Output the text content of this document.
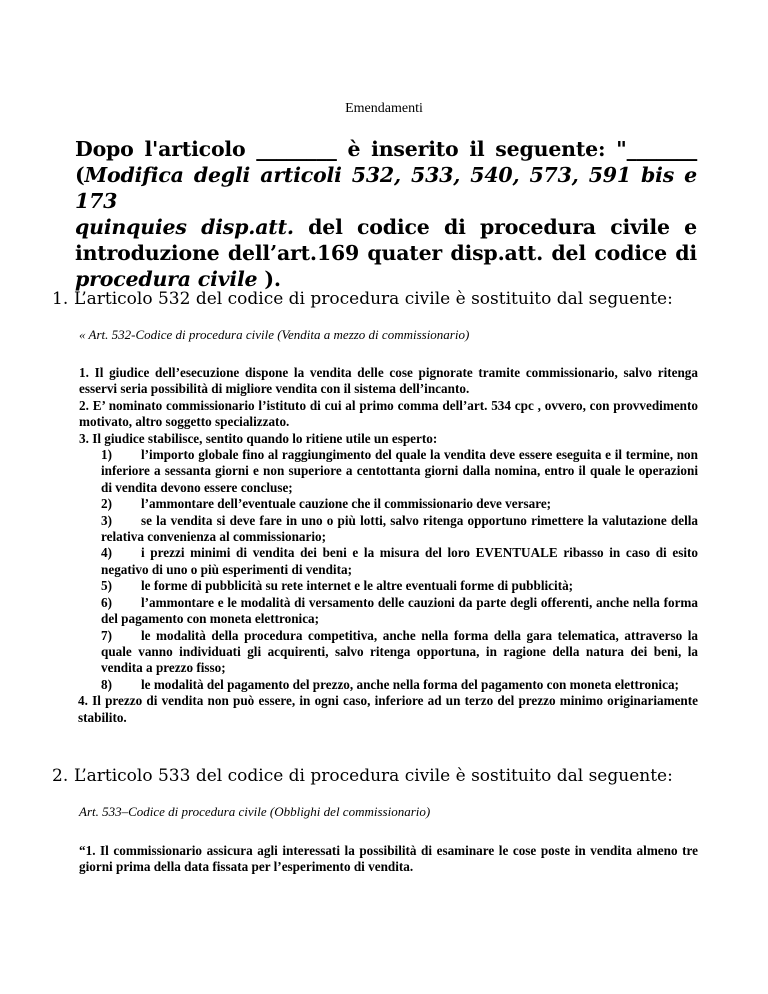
Emendamenti
Dopo l'articolo ________ è inserito il seguente: "_______
(Modifica degli articoli 532, 533, 540, 573, 591 bis e 173
quinquies disp.att. del codice di procedura civile e
introduzione dell’art.169 quater disp.att. del codice di
procedura civile ).
1. L’articolo 532 del codice di procedura civile è sostituito dal seguente:
« Art. 532-Codice di procedura civile (Vendita a mezzo di commissionario)

1. Il giudice dell’esecuzione dispone la vendita delle cose pignorate tramite commissionario, salvo ritenga esservi seria possibilità di migliore vendita con il sistema dell’incanto.

2. E’ nominato commissionario l’istituto di cui al primo comma dell’art. 534 cpc , ovvero, con provvedimento motivato, altro soggetto specializzato.

3. Il giudice stabilisce, sentito quando lo ritiene utile un esperto:

1) l’importo globale fino al raggiungimento del quale la vendita deve essere eseguita e il termine, non inferiore a sessanta giorni e non superiore a centottanta giorni dalla nomina, entro il quale le operazioni di vendita devono essere concluse;

2) l’ammontare dell’eventuale cauzione che il commissionario deve versare;

3) se la vendita si deve fare in uno o più lotti, salvo ritenga opportuno rimettere la valutazione della relativa convenienza al commissionario;

4) i prezzi minimi di vendita dei beni e la misura del loro EVENTUALE ribasso in caso di esito negativo di uno o più esperimenti di vendita;

5) le forme di pubblicità su rete internet e le altre eventuali forme di pubblicità;

6) l’ammontare e le modalità di versamento delle cauzioni da parte degli offerenti, anche nella forma del pagamento con moneta elettronica;

7) le modalità della procedura competitiva, anche nella forma della gara telematica, attraverso la quale vanno individuati gli acquirenti, salvo ritenga opportuna, in ragione della natura dei beni, la vendita a prezzo fisso;

8) le modalità del pagamento del prezzo, anche nella forma del pagamento con moneta elettronica;

4. Il prezzo di vendita non può essere, in ogni caso, inferiore ad un terzo del prezzo minimo originariamente stabilito.

2. L’articolo 533 del codice di procedura civile è sostituito dal seguente:
Art. 533–Codice di procedura civile (Obblighi del commissionario)

“1. Il commissionario assicura agli interessati la possibilità di esaminare le cose poste in vendita almeno tre giorni prima della data fissata per l’esperimento di vendita.
